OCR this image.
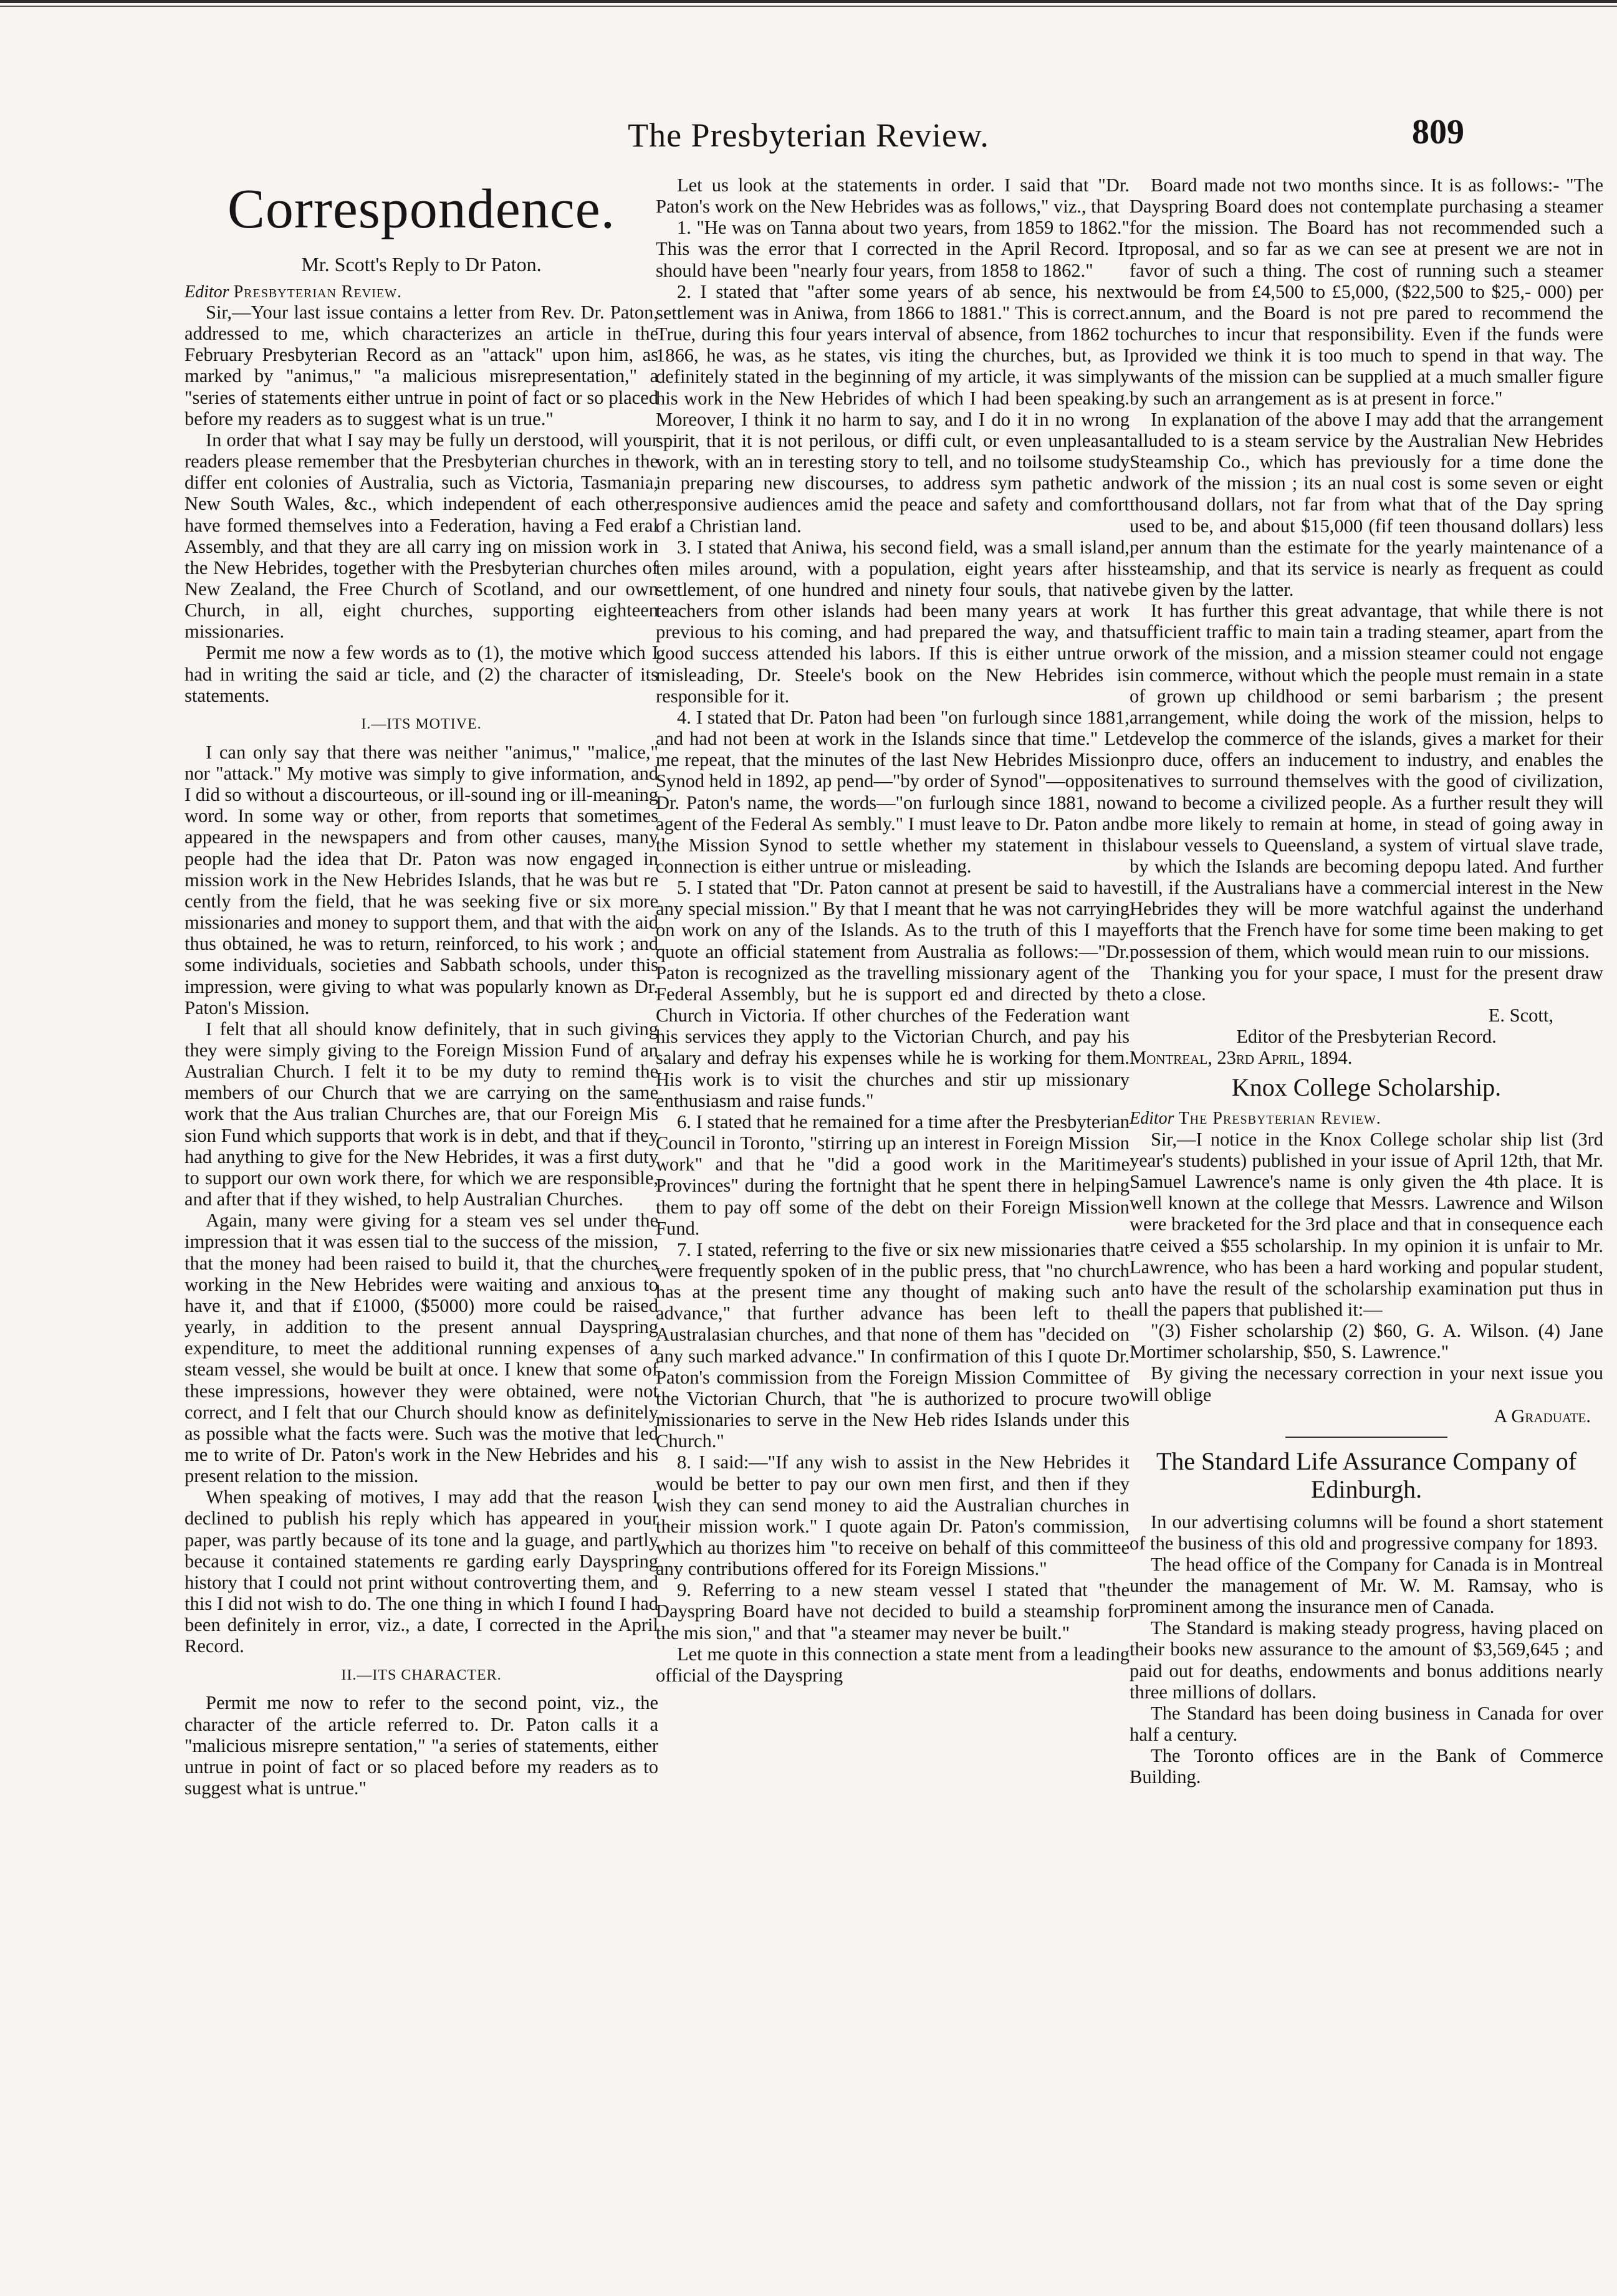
The Presbyterian Review.	809
Correspondence.
Mr. Scott's Reply to Dr Paton.

Editor Presbyterian Review.

Sir,—Your last issue contains a letter from Rev. Dr. Paton, addressed to me, which characterizes an article in the February Presbyterian Record as an "attack" upon him, as marked by "animus," "a malicious misrepresentation," a "series of statements either untrue in point of fact or so placed before my readers as to suggest what is un true."

In order that what I say may be fully un derstood, will your readers please remember that the Presbyterian churches in the differ ent colonies of Australia, such as Victoria, Tasmania, New South Wales, &c., which independent of each other, have formed themselves into a Federation, having a Fed eral Assembly, and that they are all carry ing on mission work in the New Hebrides, together with the Presbyterian churches of New Zealand, the Free Church of Scotland, and our own Church, in all, eight churches, supporting eighteen missionaries.

Permit me now a few words as to (1), the motive which I had in writing the said ar ticle, and (2) the character of its statements.

I.—ITS MOTIVE.

I can only say that there was neither "animus," "malice," nor "attack." My motive was simply to give information, and I did so without a discourteous, or ill-sound ing or ill-meaning word. In some way or other, from reports that sometimes appeared in the newspapers and from other causes, many people had the idea that Dr. Paton was now engaged in mission work in the New Hebrides Islands, that he was but re cently from the field, that he was seeking five or six more missionaries and money to support them, and that with the aid thus obtained, he was to return, reinforced, to his work ; and some individuals, societies and Sabbath schools, under this impression, were giving to what was popularly known as Dr. Paton's Mission.

I felt that all should know definitely, that in such giving they were simply giving to the Foreign Mission Fund of an Australian Church. I felt it to be my duty to remind the members of our Church that we are carrying on the same work that the Aus tralian Churches are, that our Foreign Mis sion Fund which supports that work is in debt, and that if they had anything to give for the New Hebrides, it was a first duty to support our own work there, for which we are responsible, and after that if they wished, to help Australian Churches.

Again, many were giving for a steam ves sel under the impression that it was essen tial to the success of the mission, that the money had been raised to build it, that the churches working in the New Hebrides were waiting and anxious to have it, and that if £1000, ($5000) more could be raised yearly, in addition to the present annual Dayspring expenditure, to meet the additional running expenses of a steam vessel, she would be built at once. I knew that some of these impressions, however they were obtained, were not correct, and I felt that our Church should know as definitely as possible what the facts were. Such was the motive that led me to write of Dr. Paton's work in the New Hebrides and his present relation to the mission.

When speaking of motives, I may add that the reason I declined to publish his reply which has appeared in your paper, was partly because of its tone and la guage, and partly because it contained statements re garding early Dayspring history that I could not print without controverting them, and this I did not wish to do. The one thing in which I found I had been definitely in error, viz., a date, I corrected in the April Record.

II.—ITS CHARACTER.

Permit me now to refer to the second point, viz., the character of the article referred to. Dr. Paton calls it a "malicious misrepre sentation," "a series of statements, either untrue in point of fact or so placed before my readers as to suggest what is untrue."

Let us look at the statements in order. I said that "Dr. Paton's work on the New Hebrides was as follows," viz., that

1. "He was on Tanna about two years, from 1859 to 1862." This was the error that I corrected in the April Record. It should have been "nearly four years, from 1858 to 1862."

2. I stated that "after some years of ab sence, his next settlement was in Aniwa, from 1866 to 1881." This is correct. True, during this four years interval of absence, from 1862 to 1866, he was, as he states, vis iting the churches, but, as I definitely stated in the beginning of my article, it was simply his work in the New Hebrides of which I had been speaking. Moreover, I think it no harm to say, and I do it in no wrong spirit, that it is not perilous, or diffi cult, or even unpleasant work, with an in teresting story to tell, and no toilsome study in preparing new discourses, to address sym pathetic and responsive audiences amid the peace and safety and comfort of a Christian land.

3. I stated that Aniwa, his second field, was a small island, ten miles around, with a population, eight years after his settlement, of one hundred and ninety four souls, that native teachers from other islands had been many years at work previous to his coming, and had prepared the way, and that good success attended his labors. If this is either untrue or misleading, Dr. Steele's book on the New Hebrides is responsible for it.

4. I stated that Dr. Paton had been "on furlough since 1881, and had not been at work in the Islands since that time." Let me repeat, that the minutes of the last New Hebrides Mission Synod held in 1892, ap pend—"by order of Synod"—opposite Dr. Paton's name, the words—"on furlough since 1881, now agent of the Federal As sembly." I must leave to Dr. Paton and the Mission Synod to settle whether my statement in this connection is either untrue or misleading.

5. I stated that "Dr. Paton cannot at present be said to have any special mission." By that I meant that he was not carrying on work on any of the Islands. As to the truth of this I may quote an official statement from Australia as follows:—"Dr. Paton is recognized as the travelling missionary agent of the Federal Assembly, but he is support ed and directed by the Church in Victoria. If other churches of the Federation want his services they apply to the Victorian Church, and pay his salary and defray his expenses while he is working for them. His work is to visit the churches and stir up missionary enthusiasm and raise funds."

6. I stated that he remained for a time after the Presbyterian Council in Toronto, "stirring up an interest in Foreign Mission work" and that he "did a good work in the Maritime Provinces" during the fortnight that he spent there in helping them to pay off some of the debt on their Foreign Mission Fund.

7. I stated, referring to the five or six new missionaries that were frequently spoken of in the public press, that "no church has at the present time any thought of making such an advance," that further advance has been left to the Australasian churches, and that none of them has "decided on any such marked advance." In confirmation of this I quote Dr. Paton's commission from the Foreign Mission Committee of the Victorian Church, that "he is authorized to procure two missionaries to serve in the New Heb rides Islands under this Church."

8. I said:—"If any wish to assist in the New Hebrides it would be better to pay our own men first, and then if they wish they can send money to aid the Australian churches in their mission work." I quote again Dr. Paton's commission, which au thorizes him "to receive on behalf of this committee any contributions offered for its Foreign Missions."

9. Referring to a new steam vessel I stated that "the Dayspring Board have not decided to build a steamship for the mis sion," and that "a steamer may never be built."

Let me quote in this connection a state ment from a leading official of the Dayspring

Board made not two months since. It is as follows:- "The Dayspring Board does not contemplate purchasing a steamer for the mission. The Board has not recommended such a proposal, and so far as we can see at present we are not in favor of such a thing. The cost of running such a steamer would be from £4,500 to £5,000, ($22,500 to $25,- 000) per annum, and the Board is not pre pared to recommend the churches to incur that responsibility. Even if the funds were provided we think it is too much to spend in that way. The wants of the mission can be supplied at a much smaller figure by such an arrangement as is at present in force."

In explanation of the above I may add that the arrangement alluded to is a steam service by the Australian New Hebrides Steamship Co., which has previously for a time done the work of the mission ; its an nual cost is some seven or eight thousand dollars, not far from what that of the Day spring used to be, and about $15,000 (fif teen thousand dollars) less per annum than the estimate for the yearly maintenance of a steamship, and that its service is nearly as frequent as could be given by the latter.

It has further this great advantage, that while there is not sufficient traffic to main tain a trading steamer, apart from the work of the mission, and a mission steamer could not engage in commerce, without which the people must remain in a state of grown up childhood or semi barbarism ; the present arrangement, while doing the work of the mission, helps to develop the commerce of the islands, gives a market for their pro duce, offers an inducement to industry, and enables the natives to surround themselves with the good of civilization, and to become a civilized people. As a further result they will be more likely to remain at home, in stead of going away in labour vessels to Queensland, a system of virtual slave trade, by which the Islands are becoming depopu lated. And further still, if the Australians have a commercial interest in the New Hebrides they will be more watchful against the underhand efforts that the French have for some time been making to get possession of them, which would mean ruin to our missions.

Thanking you for your space, I must for the present draw to a close.

E. Scott,

Editor of the Presbyterian Record.

Montreal, 23rd April, 1894.

Knox College Scholarship.

Editor The Presbyterian Review.

Sir,—I notice in the Knox College scholar ship list (3rd year's students) published in your issue of April 12th, that Mr. Samuel Lawrence's name is only given the 4th place. It is well known at the college that Messrs. Lawrence and Wilson were bracketed for the 3rd place and that in consequence each re ceived a $55 scholarship. In my opinion it is unfair to Mr. Lawrence, who has been a hard working and popular student, to have the result of the scholarship examination put thus in all the papers that published it:—

"(3) Fisher scholarship (2) $60, G. A. Wilson. (4) Jane Mortimer scholarship, $50, S. Lawrence."

By giving the necessary correction in your next issue you will oblige

A Graduate.

The Standard Life Assurance Company of Edinburgh.

In our advertising columns will be found a short statement of the business of this old and progressive company for 1893.

The head office of the Company for Canada is in Montreal under the management of Mr. W. M. Ramsay, who is prominent among the insurance men of Canada.

The Standard is making steady progress, having placed on their books new assurance to the amount of $3,569,645 ; and paid out for deaths, endowments and bonus additions nearly three millions of dollars.

The Standard has been doing business in Canada for over half a century.

The Toronto offices are in the Bank of Commerce Building.
